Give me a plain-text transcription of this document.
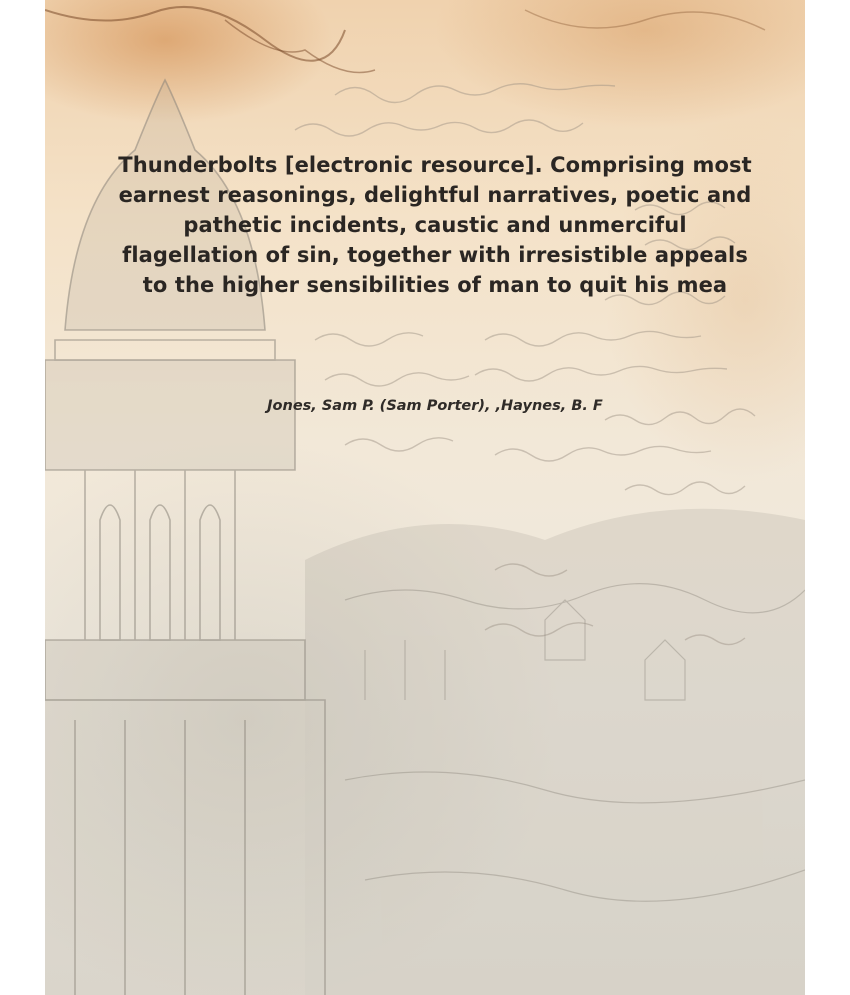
Thunderbolts [electronic resource]. Comprising most earnest reasonings, delightful narratives, poetic and pathetic incidents, caustic and unmerciful flagellation of sin, together with irresistible appeals to the higher sensibilities of man to quit his mea
Jones, Sam P. (Sam Porter), ,Haynes, B. F
